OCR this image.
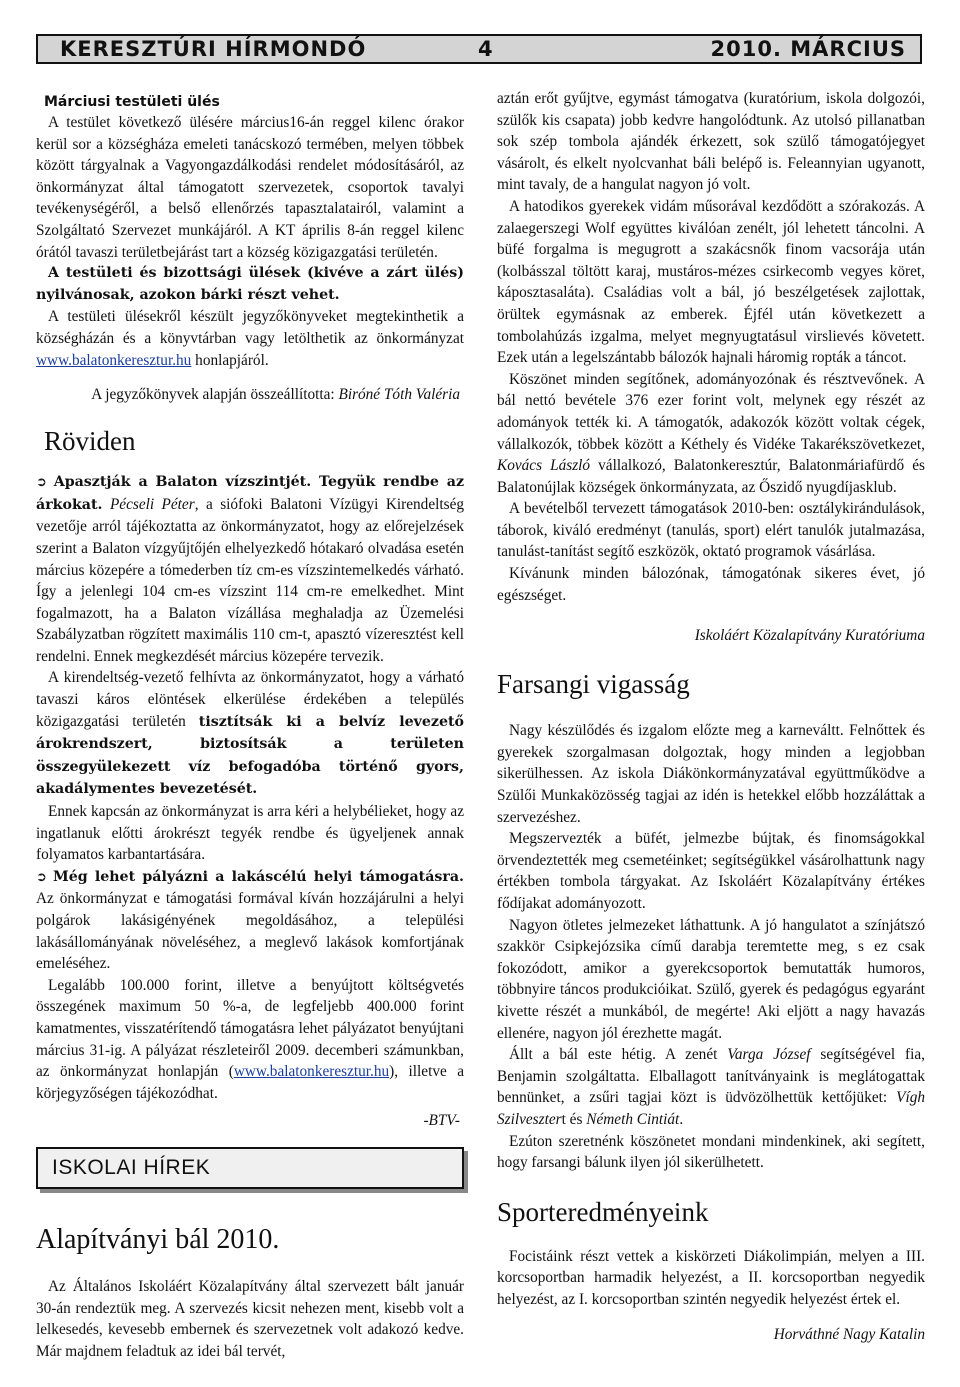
KERESZTÚRI HÍRMONDÓ	4	2010. MÁRCIUS
Márciusi testületi ülés

A testület következő ülésére március16-án reggel kilenc órakor kerül sor a községháza emeleti tanácskozó termében, melyen többek között tárgyalnak a Vagyongazdálkodási rendelet módosításáról, az önkormányzat által támogatott szervezetek, csoportok tavalyi tevékenységéről, a belső ellenőrzés tapasztalatairól, valamint a Szolgáltató Szervezet munkájáról. A KT április 8-án reggel kilenc órától tavaszi területbejárást tart a község közigazgatási területén.

A testületi és bizottsági ülések (kivéve a zárt ülés) nyilvánosak, azokon bárki részt vehet.

A testületi ülésekről készült jegyzőkönyveket megtekinthetik a községházán és a könyvtárban vagy letölthetik az önkormányzat www.balatonkeresztur.hu honlapjáról.

A jegyzőkönyvek alapján összeállította: Biróné Tóth Valéria
Röviden

➲ Apasztják a Balaton vízszintjét. Tegyük rendbe az árkokat. Pécseli Péter, a siófoki Balatoni Vízügyi Kirendeltség vezetője arról tájékoztatta az önkormányzatot, hogy az előrejelzések szerint a Balaton vízgyűjtőjén elhelyezkedő hótakaró olvadása esetén március közepére a tómederben tíz cm-es vízszintemelkedés várható. Így a jelenlegi 104 cm-es vízszint 114 cm-re emelkedhet. Mint fogalmazott, ha a Balaton vízállása meghaladja az Üzemelési Szabályzatban rögzített maximális 110 cm-t, apasztó vízeresztést kell rendelni. Ennek megkezdését március közepére tervezik.

A kirendeltség-vezető felhívta az önkormányzatot, hogy a várható tavaszi káros elöntések elkerülése érdekében a település közigazgatási területén tisztítsák ki a belvíz levezető árokrendszert, biztosítsák a területen összegyülekezett víz befogadóba történő gyors, akadálymentes bevezetését.

Ennek kapcsán az önkormányzat is arra kéri a helybélieket, hogy az ingatlanuk előtti árokrészt tegyék rendbe és ügyeljenek annak folyamatos karbantartására.

➲ Még lehet pályázni a lakáscélú helyi támogatásra. Az önkormányzat e támogatási formával kíván hozzájárulni a helyi polgárok lakásigényének megoldásához, a települési lakásállományának növeléséhez, a meglevő lakások komfortjának emeléséhez.

Legalább 100.000 forint, illetve a benyújtott költségvetés összegének maximum 50 %-a, de legfeljebb 400.000 forint kamatmentes, visszatérítendő támogatásra lehet pályázatot benyújtani március 31-ig. A pályázat részleteiről 2009. decemberi számunkban, az önkormányzat honlapján (www.balatonkeresztur.hu), illetve a körjegyzőségen tájékozódhat.

-BTV-
ISKOLAI HÍREK
Alapítványi bál 2010.

Az Általános Iskoláért Közalapítvány által szervezett bált január 30-án rendeztük meg. A szervezés kicsit nehezen ment, kisebb volt a lelkesedés, kevesebb embernek és szervezetnek volt adakozó kedve. Már majdnem feladtuk az idei bál tervét,

aztán erőt gyűjtve, egymást támogatva (kuratórium, iskola dolgozói, szülők kis csapata) jobb kedvre hangolódtunk. Az utolsó pillanatban sok szép tombola ajándék érkezett, sok szülő támogatójegyet vásárolt, és elkelt nyolcvanhat báli belépő is. Feleannyian ugyanott, mint tavaly, de a hangulat nagyon jó volt.

A hatodikos gyerekek vidám műsorával kezdődött a szórakozás. A zalaegerszegi Wolf együttes kiválóan zenélt, jól lehetett táncolni. A büfé forgalma is megugrott a szakácsnők finom vacsorája után (kolbásszal töltött karaj, mustáros-mézes csirkecomb vegyes köret, káposztasaláta). Családias volt a bál, jó beszélgetések zajlottak, örültek egymásnak az emberek. Éjfél után következett a tombolahúzás izgalma, melyet megnyugtatásul virslievés követett. Ezek után a legelszántabb bálozók hajnali háromig ropták a táncot.

Köszönet minden segítőnek, adományozónak és résztvevőnek. A bál nettó bevétele 376 ezer forint volt, melynek egy részét az adományok tették ki. A támogatók, adakozók között voltak cégek, vállalkozók, többek között a Kéthely és Vidéke Takarékszövetkezet, Kovács László vállalkozó, Balatonkeresztúr, Balatonmáriafürdő és Balatonújlak községek önkormányzata, az Őszidő nyugdíjasklub.

A bevételből tervezett támogatások 2010-ben: osztálykirándulások, táborok, kiváló eredményt (tanulás, sport) elért tanulók jutalmazása, tanulást-tanítást segítő eszközök, oktató programok vásárlása.

Kívánunk minden bálozónak, támogatónak sikeres évet, jó egészséget.

Iskoláért Közalapítvány Kuratóriuma
Farsangi vigasság

Nagy készülődés és izgalom előzte meg a karneváltt. Felnőttek és gyerekek szorgalmasan dolgoztak, hogy minden a legjobban sikerülhessen. Az iskola Diákönkormányzatával együttműködve a Szülői Munkaközösség tagjai az idén is hetekkel előbb hozzáláttak a szervezéshez.

Megszervezték a büfét, jelmezbe bújtak, és finomságokkal örvendeztették meg csemetéinket; segítségükkel vásárolhattunk nagy értékben tombola tárgyakat. Az Iskoláért Közalapítvány értékes fődíjakat adományozott.

Nagyon ötletes jelmezeket láthattunk. A jó hangulatot a színjátszó szakkör Csipkejózsika című darabja teremtette meg, s ez csak fokozódott, amikor a gyerekcsoportok bemutatták humoros, többnyire táncos produkcióikat. Szülő, gyerek és pedagógus egyaránt kivette részét a munkából, de megérte! Aki eljött a nagy havazás ellenére, nagyon jól érezhette magát.

Állt a bál este hétig. A zenét Varga József segítségével fia, Benjamin szolgáltatta. Elballagott tanítványaink is meglátogattak bennünket, a zsűri tagjai közt is üdvözölhettük kettőjüket: Vígh Szilvesztert és Németh Cintiát.

Ezúton szeretnénk köszönetet mondani mindenkinek, aki segített, hogy farsangi bálunk ilyen jól sikerülhetett.

Sporteredményeink

Focistáink részt vettek a kiskörzeti Diákolimpián, melyen a III. korcsoportban harmadik helyezést, a II. korcsoportban negyedik helyezést, az I. korcsoportban szintén negyedik helyezést értek el.

Horváthné Nagy Katalin
